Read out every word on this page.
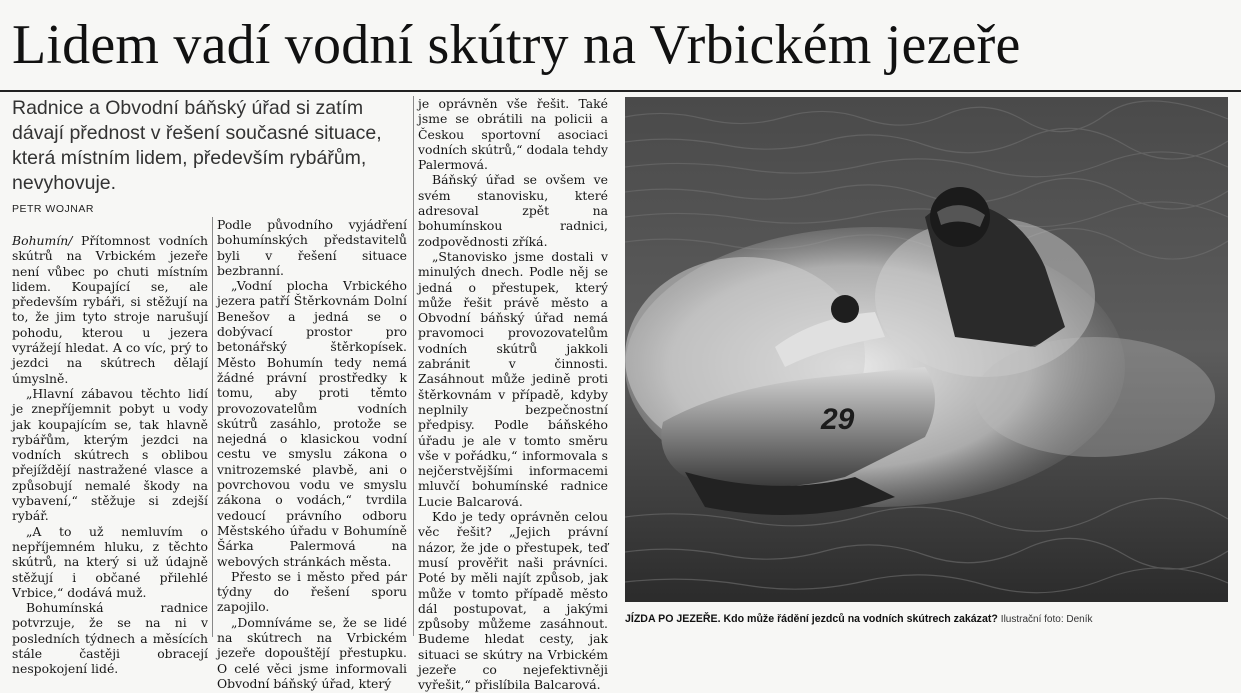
Lidem vadí vodní skútry na Vrbickém jezeře
Radnice a Obvodní báňský úřad si zatím dávají přednost v řešení současné situace, která místním lidem, především rybářům, nevyhovuje.
PETR WOJNAR

Bohumín/ Přítomnost vodních skútrů na Vrbickém jezeře není vůbec po chuti místním lidem. Koupající se, ale především rybáři, si stěžují na to, že jim tyto stroje narušují pohodu, kterou u jezera vyrážejí hledat. A co víc, prý to jezdci na skútrech dělají úmyslně.

„Hlavní zábavou těchto lidí je znepříjemnit pobyt u vody jak koupajícím se, tak hlavně rybářům, kterým jezdci na vodních skútrech s oblibou přejíždějí nastražené vlasce a způsobují nemalé škody na vybavení,“ stěžuje si zdejší rybář.

„A to už nemluvím o nepříjemném hluku, z těchto skútrů, na který si už údajně stěžují i občané přilehlé Vrbice,“ dodává muž.

Bohumínská radnice potvrzuje, že se na ni v posledních týdnech a měsících stále častěji obracejí nespokojení lidé.

Podle původního vyjádření bohumínských představitelů byli v řešení situace bezbranní.

„Vodní plocha Vrbického jezera patří Štěrkovnám Dolní Benešov a jedná se o dobývací prostor pro betonářský štěrkopísek. Město Bohumín tedy nemá žádné právní prostředky k tomu, aby proti těmto provozovatelům vodních skútrů zasáhlo, protože se nejedná o klasickou vodní cestu ve smyslu zákona o vnitrozemské plavbě, ani o povrchovou vodu ve smyslu zákona o vodách,“ tvrdila vedoucí právního odboru Městského úřadu v Bohumíně Šárka Palermová na webových stránkách města.

Přesto se i město před pár týdny do řešení sporu zapojilo.

„Domníváme se, že se lidé na skútrech na Vrbickém jezeře dopouštějí přestupku. O celé věci jsme informovali Obvodní báňský úřad, který

je oprávněn vše řešit. Také jsme se obrátili na policii a Českou sportovní asociaci vodních skútrů,“ dodala tehdy Palermová.

Báňský úřad se ovšem ve svém stanovisku, které adresoval zpět na bohumínskou radnici, zodpovědnosti zříká.

„Stanovisko jsme dostali v minulých dnech. Podle něj se jedná o přestupek, který může řešit právě město a Obvodní báňský úřad nemá pravomoci provozovatelům vodních skútrů jakkoli zabránit v činnosti. Zasáhnout může jedině proti štěrkovnám v případě, kdyby neplnily bezpečnostní předpisy. Podle báňského úřadu je ale v tomto směru vše v pořádku,“ informovala s nejčerstvějšími informacemi mluvčí bohumínské radnice Lucie Balcarová.

Kdo je tedy oprávněn celou věc řešit? „Jejich právní názor, že jde o přestupek, teď musí prověřit naši právníci. Poté by měli najít způsob, jak může v tomto případě město dál postupovat, a jakými způsoby můžeme zasáhnout. Budeme hledat cesty, jak situaci se skútry na Vrbickém jezeře co nejefektivněji vyřešit,“ přislíbila Balcarová.

29
JÍZDA PO JEZEŘE. Kdo může řádění jezdců na vodních skútrech zakázat? Ilustrační foto: Deník
